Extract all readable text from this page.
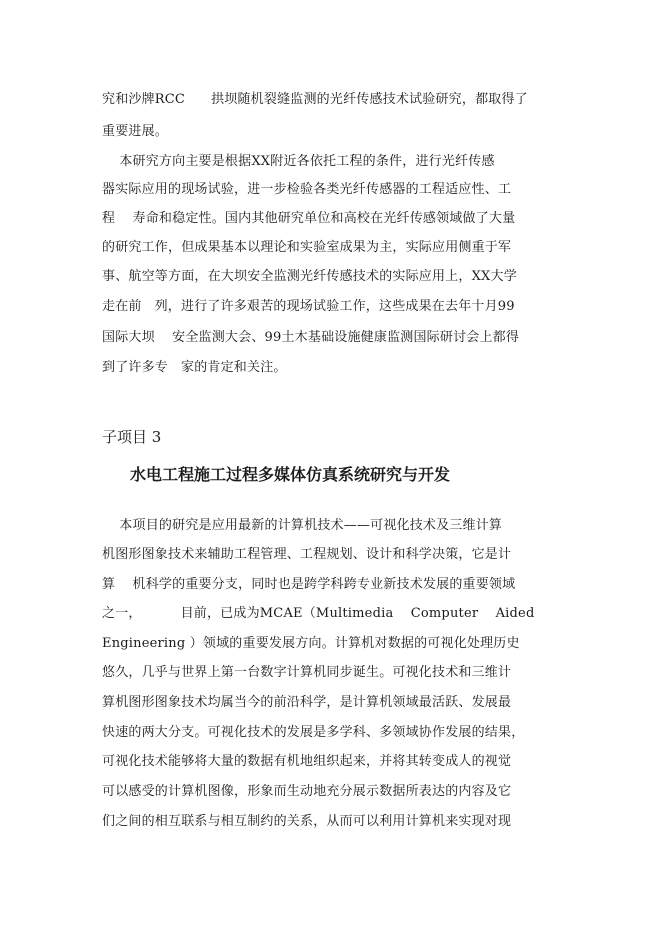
究和沙牌RCC      拱坝随机裂缝监测的光纤传感技术试验研究，都取得了
重要进展。
本研究方向主要是根据XX附近各依托工程的条件，进行光纤传感
器实际应用的现场试验，进一步检验各类光纤传感器的工程适应性、工
程    寿命和稳定性。国内其他研究单位和高校在光纤传感领域做了大量
的研究工作，但成果基本以理论和实验室成果为主，实际应用侧重于军
事、航空等方面，在大坝安全监测光纤传感技术的实际应用上，XX大学
走在前   列，进行了许多艰苦的现场试验工作，这些成果在去年十月99
国际大坝    安全监测大会、99土木基础设施健康监测国际研讨会上都得
到了许多专   家的肯定和关注。
子项目 3
水电工程施工过程多媒体仿真系统研究与开发
本项目的研究是应用最新的计算机技术——可视化技术及三维计算
机图形图象技术来辅助工程管理、工程规划、设计和科学决策，它是计
算    机科学的重要分支，同时也是跨学科跨专业新技术发展的重要领域
之一，         目前，已成为MCAE（Multimedia    Computer    Aided
Engineering ）领域的重要发展方向。计算机对数据的可视化处理历史
悠久，几乎与世界上第一台数字计算机同步诞生。可视化技术和三维计
算机图形图象技术均属当今的前沿科学，是计算机领域最活跃、发展最
快速的两大分支。可视化技术的发展是多学科、多领域协作发展的结果，
可视化技术能够将大量的数据有机地组织起来，并将其转变成人的视觉
可以感受的计算机图像，形象而生动地充分展示数据所表达的内容及它
们之间的相互联系与相互制约的关系，从而可以利用计算机来实现对现
